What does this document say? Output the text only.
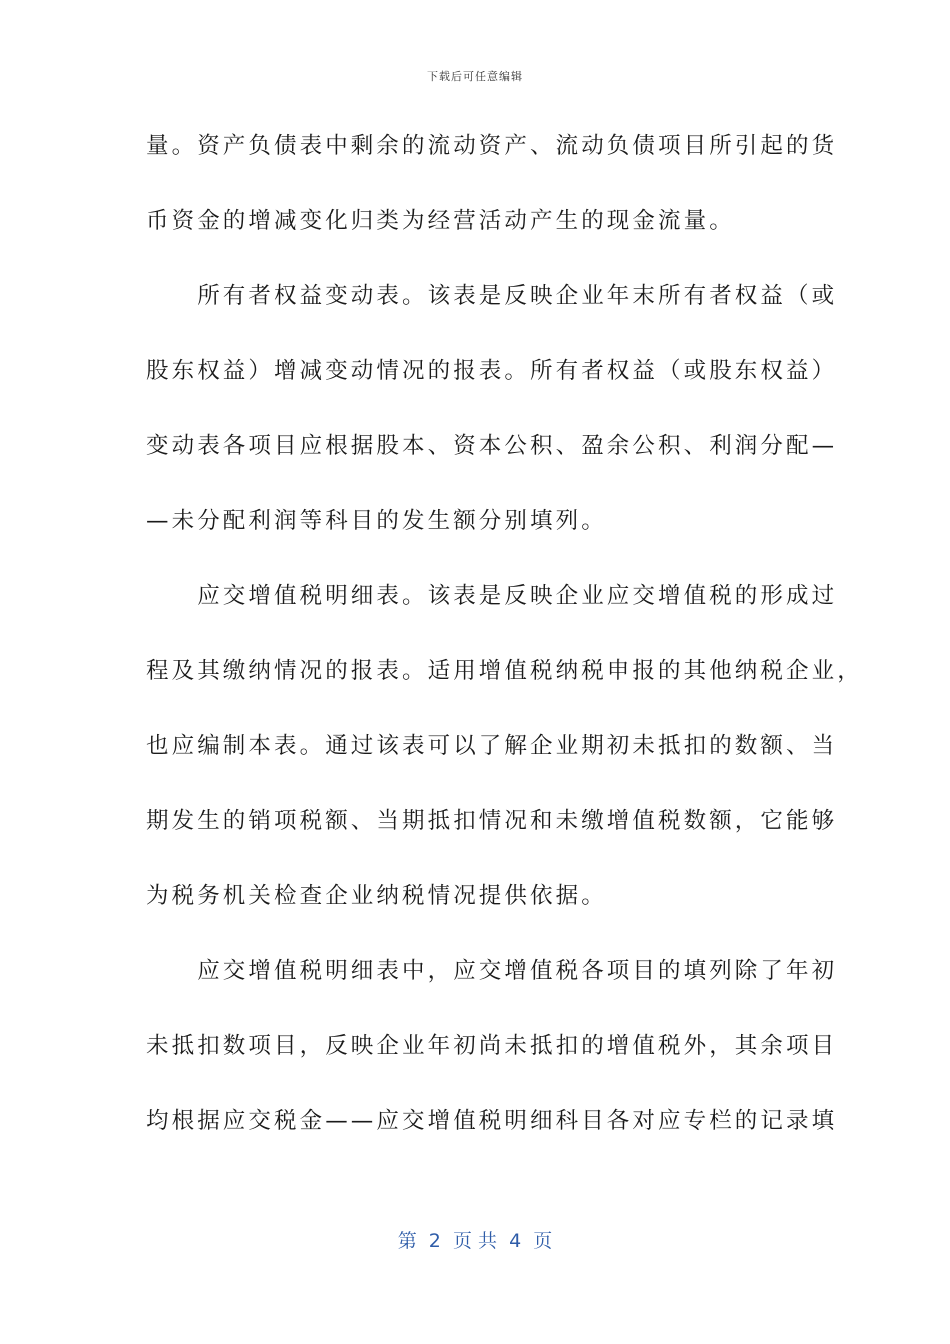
下载后可任意编辑
量。资产负债表中剩余的流动资产、流动负债项目所引起的货
币资金的增减变化归类为经营活动产生的现金流量。
　　所有者权益变动表。该表是反映企业年末所有者权益（或
股东权益）增减变动情况的报表。所有者权益（或股东权益）
变动表各项目应根据股本、资本公积、盈余公积、利润分配—
—未分配利润等科目的发生额分别填列。
　　应交增值税明细表。该表是反映企业应交增值税的形成过
程及其缴纳情况的报表。适用增值税纳税申报的其他纳税企业，
也应编制本表。通过该表可以了解企业期初未抵扣的数额、当
期发生的销项税额、当期抵扣情况和未缴增值税数额，它能够
为税务机关检查企业纳税情况提供依据。
　　应交增值税明细表中，应交增值税各项目的填列除了年初
未抵扣数项目，反映企业年初尚未抵扣的增值税外，其余项目
均根据应交税金——应交增值税明细科目各对应专栏的记录填
第  2  页 共  4  页
